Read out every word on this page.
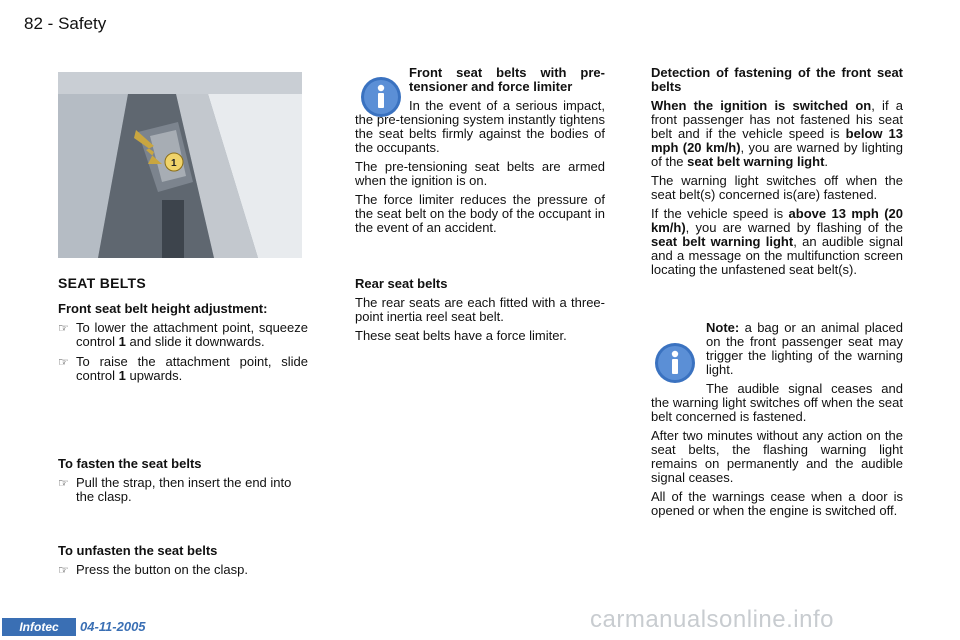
82 - Safety
1
SEAT BELTS

Front seat belt height adjustment:

☞ To lower the attachment point, squeeze control 1 and slide it downwards.
☞ To raise the attachment point, slide control 1 upwards.

To fasten the seat belts

☞ Pull the strap, then insert the end into the clasp.

To unfasten the seat belts

☞ Press the button on the clasp.

Front seat belts with pre-tensioner and force limiter

In the event of a serious impact, the pre-tensioning system instantly tightens the seat belts firmly against the bodies of the occupants.

The pre-tensioning seat belts are armed when the ignition is on.

The force limiter reduces the pressure of the seat belt on the body of the occupant in the event of an accident.

Rear seat belts

The rear seats are each fitted with a three-point inertia reel seat belt.

These seat belts have a force limiter.

Detection of fastening of the front seat belts

When the ignition is switched on, if a front passenger has not fastened his seat belt and if the vehicle speed is below 13 mph (20 km/h), you are warned by lighting of the seat belt warning light.

The warning light switches off when the seat belt(s) concerned is(are) fastened.

If the vehicle speed is above 13 mph (20 km/h), you are warned by flashing of the seat belt warning light, an audible signal and a message on the multifunction screen locating the unfastened seat belt(s).

Note: a bag or an animal placed on the front passenger seat may trigger the lighting of the warning light.

The audible signal ceases and the warning light switches off when the seat belt concerned is fastened.

After two minutes without any action on the seat belts, the flashing warning light remains on permanently and the audible signal ceases.

All of the warnings cease when a door is opened or when the engine is switched off.

Infotec	04-11-2005	carmanualsonline.info
